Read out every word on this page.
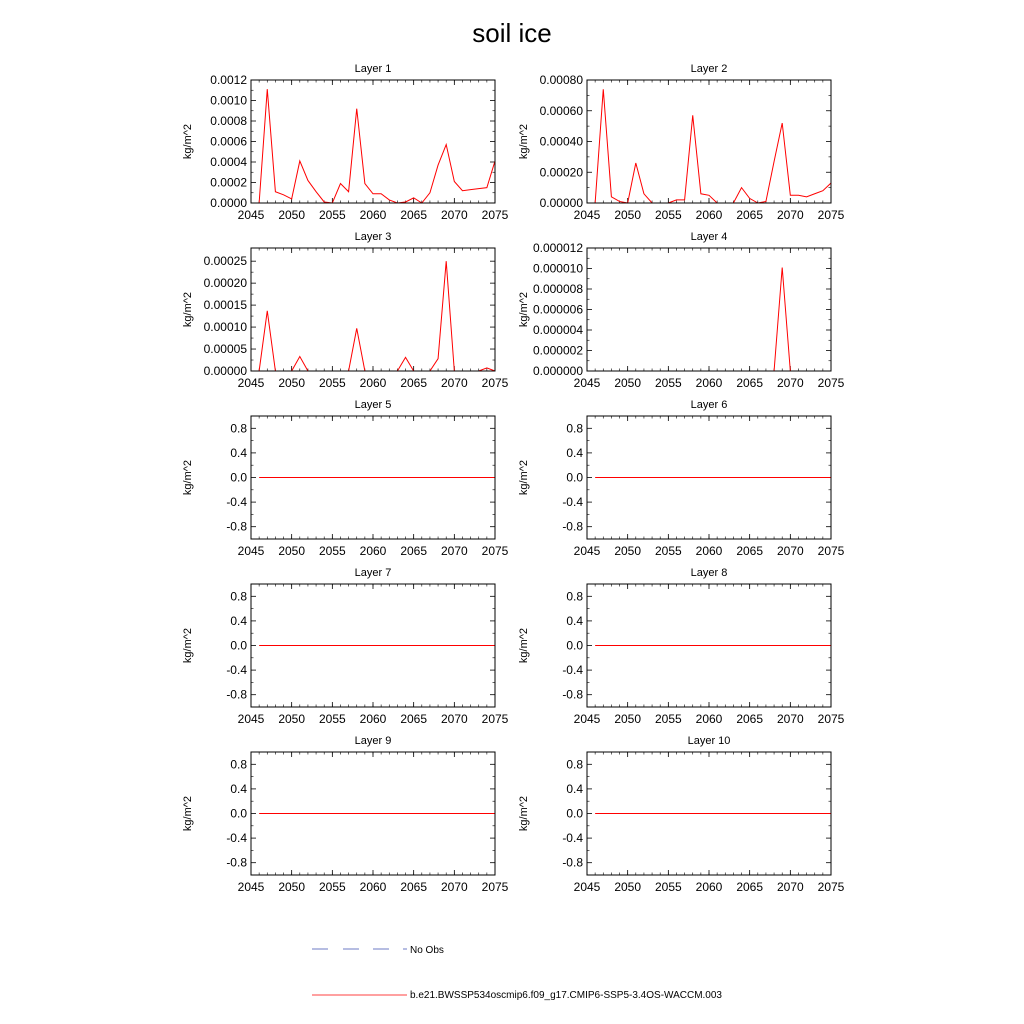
soil ice
Layer 1
kg/m^2
2045 2050 2055 2060 2065 2070 2075
0.0000
0.0002
0.0004
0.0006
0.0008
0.0010
0.0012
Layer 2
kg/m^2
2045 2050 2055 2060 2065 2070 2075
0.00000
0.00020
0.00040
0.00060
0.00080
Layer 3
kg/m^2
2045 2050 2055 2060 2065 2070 2075
0.00000
0.00005
0.00010
0.00015
0.00020
0.00025
Layer 4
kg/m^2
2045 2050 2055 2060 2065 2070 2075
0.000000
0.000002
0.000004
0.000006
0.000008
0.000010
0.000012
Layer 5
kg/m^2
2045 2050 2055 2060 2065 2070 2075
-0.8
-0.4
0.0
0.4
0.8
Layer 6
kg/m^2
2045 2050 2055 2060 2065 2070 2075
-0.8
-0.4
0.0
0.4
0.8
Layer 7
kg/m^2
2045 2050 2055 2060 2065 2070 2075
-0.8
-0.4
0.0
0.4
0.8
Layer 8
kg/m^2
2045 2050 2055 2060 2065 2070 2075
-0.8
-0.4
0.0
0.4
0.8
Layer 9
kg/m^2
2045 2050 2055 2060 2065 2070 2075
-0.8
-0.4
0.0
0.4
0.8
Layer 10
kg/m^2
2045 2050 2055 2060 2065 2070 2075
-0.8
-0.4
0.0
0.4
0.8
No Obs
b.e21.BWSSP534oscmip6.f09_g17.CMIP6-SSP5-3.4OS-WACCM.003
